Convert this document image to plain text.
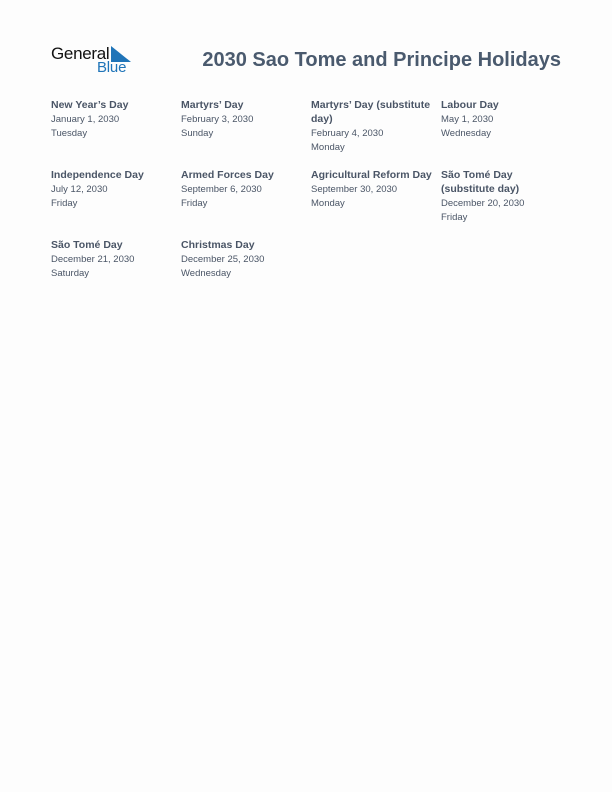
General
Blue	2030 Sao Tome and Principe Holidays
New Year’s Day
January 1, 2030
Tuesday
Martyrs’ Day
February 3, 2030
Sunday
Martyrs’ Day (substitute day)
February 4, 2030
Monday
Labour Day
May 1, 2030
Wednesday
Independence Day
July 12, 2030
Friday
Armed Forces Day
September 6, 2030
Friday
Agricultural Reform Day
September 30, 2030
Monday
São Tomé Day (substitute day)
December 20, 2030
Friday
São Tomé Day
December 21, 2030
Saturday
Christmas Day
December 25, 2030
Wednesday
